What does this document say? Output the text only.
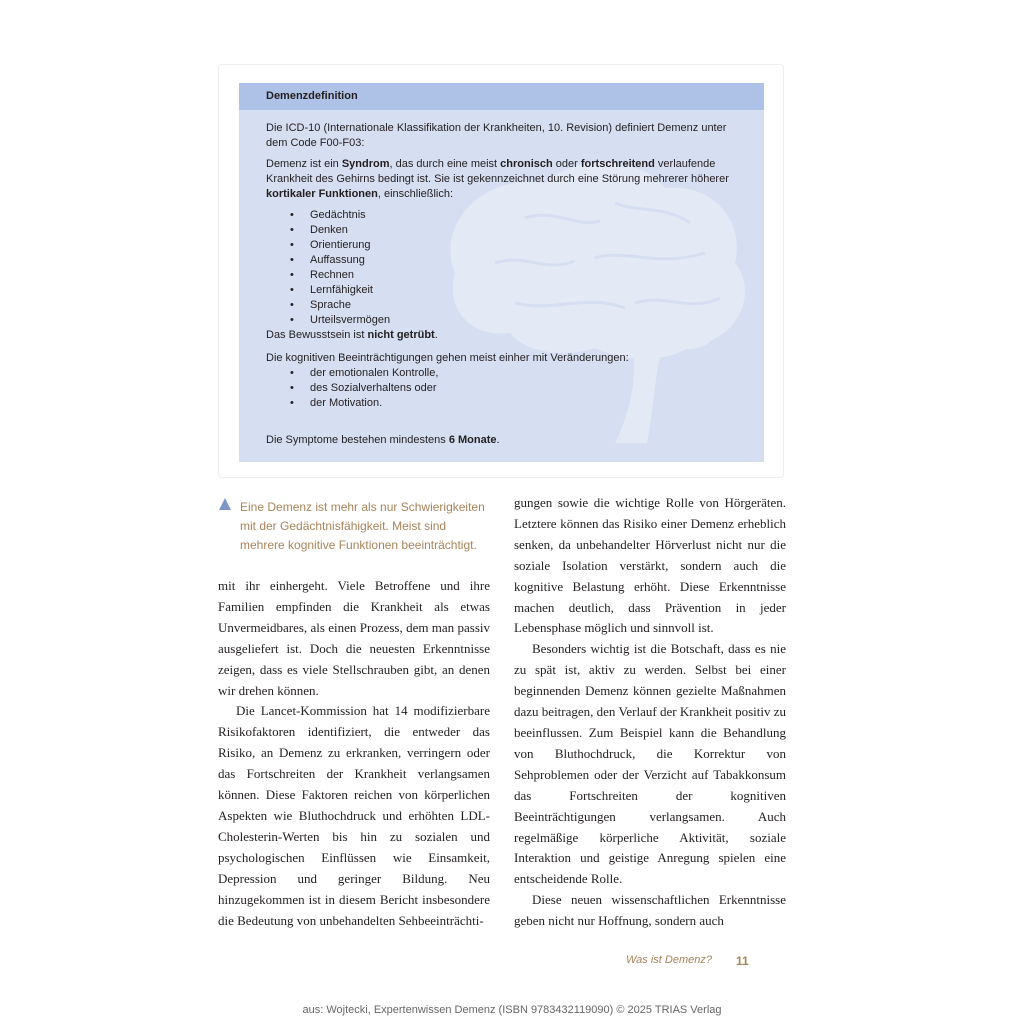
Demenzdefinition

Die ICD-10 (Internationale Klassifikation der Krankheiten, 10. Revision) definiert Demenz unter dem Code F00-F03:

Demenz ist ein Syndrom, das durch eine meist chronisch oder fortschreitend verlaufende Krankheit des Gehirns bedingt ist. Sie ist gekennzeichnet durch eine Störung mehrerer höherer kortikaler Funktionen, einschließlich:

• Gedächtnis
• Denken
• Orientierung
• Auffassung
• Rechnen
• Lernfähigkeit
• Sprache
• Urteilsvermögen

Das Bewusstsein ist nicht getrübt.

Die kognitiven Beeinträchtigungen gehen meist einher mit Veränderungen:

• der emotionalen Kontrolle,
• des Sozialverhaltens oder
• der Motivation.

Die Symptome bestehen mindestens 6 Monate.

Eine Demenz ist mehr als nur Schwierigkeiten mit der Gedächtnisfähigkeit. Meist sind mehrere kognitive Funktionen beeinträchtigt.

mit ihr einhergeht. Viele Betroffene und ihre Familien empfinden die Krankheit als etwas Unvermeidbares, als einen Prozess, dem man passiv ausgeliefert ist. Doch die neuesten Erkenntnisse zeigen, dass es viele Stellschrauben gibt, an denen wir drehen können.

Die Lancet-Kommission hat 14 modifizierbare Risikofaktoren identifiziert, die entweder das Risiko, an Demenz zu erkranken, verringern oder das Fortschreiten der Krankheit verlangsamen können. Diese Faktoren reichen von körperlichen Aspekten wie Bluthochdruck und erhöhten LDL-Cholesterin-Werten bis hin zu sozialen und psychologischen Einflüssen wie Einsamkeit, Depression und geringer Bildung. Neu hinzugekommen ist in diesem Bericht insbesondere die Bedeutung von unbehandelten Sehbeeinträchti-

gungen sowie die wichtige Rolle von Hörgeräten. Letztere können das Risiko einer Demenz erheblich senken, da unbehandelter Hörverlust nicht nur die soziale Isolation verstärkt, sondern auch die kognitive Belastung erhöht. Diese Erkenntnisse machen deutlich, dass Prävention in jeder Lebensphase möglich und sinnvoll ist.

Besonders wichtig ist die Botschaft, dass es nie zu spät ist, aktiv zu werden. Selbst bei einer beginnenden Demenz können gezielte Maßnahmen dazu beitragen, den Verlauf der Krankheit positiv zu beeinflussen. Zum Beispiel kann die Behandlung von Bluthochdruck, die Korrektur von Sehproblemen oder der Verzicht auf Tabakkonsum das Fortschreiten der kognitiven Beeinträchtigungen verlangsamen. Auch regelmäßige körperliche Aktivität, soziale Interaktion und geistige Anregung spielen eine entscheidende Rolle.

Diese neuen wissenschaftlichen Erkenntnisse geben nicht nur Hoffnung, sondern auch

Was ist Demenz? 11
aus: Wojtecki, Expertenwissen Demenz (ISBN 9783432119090) © 2025 TRIAS Verlag
